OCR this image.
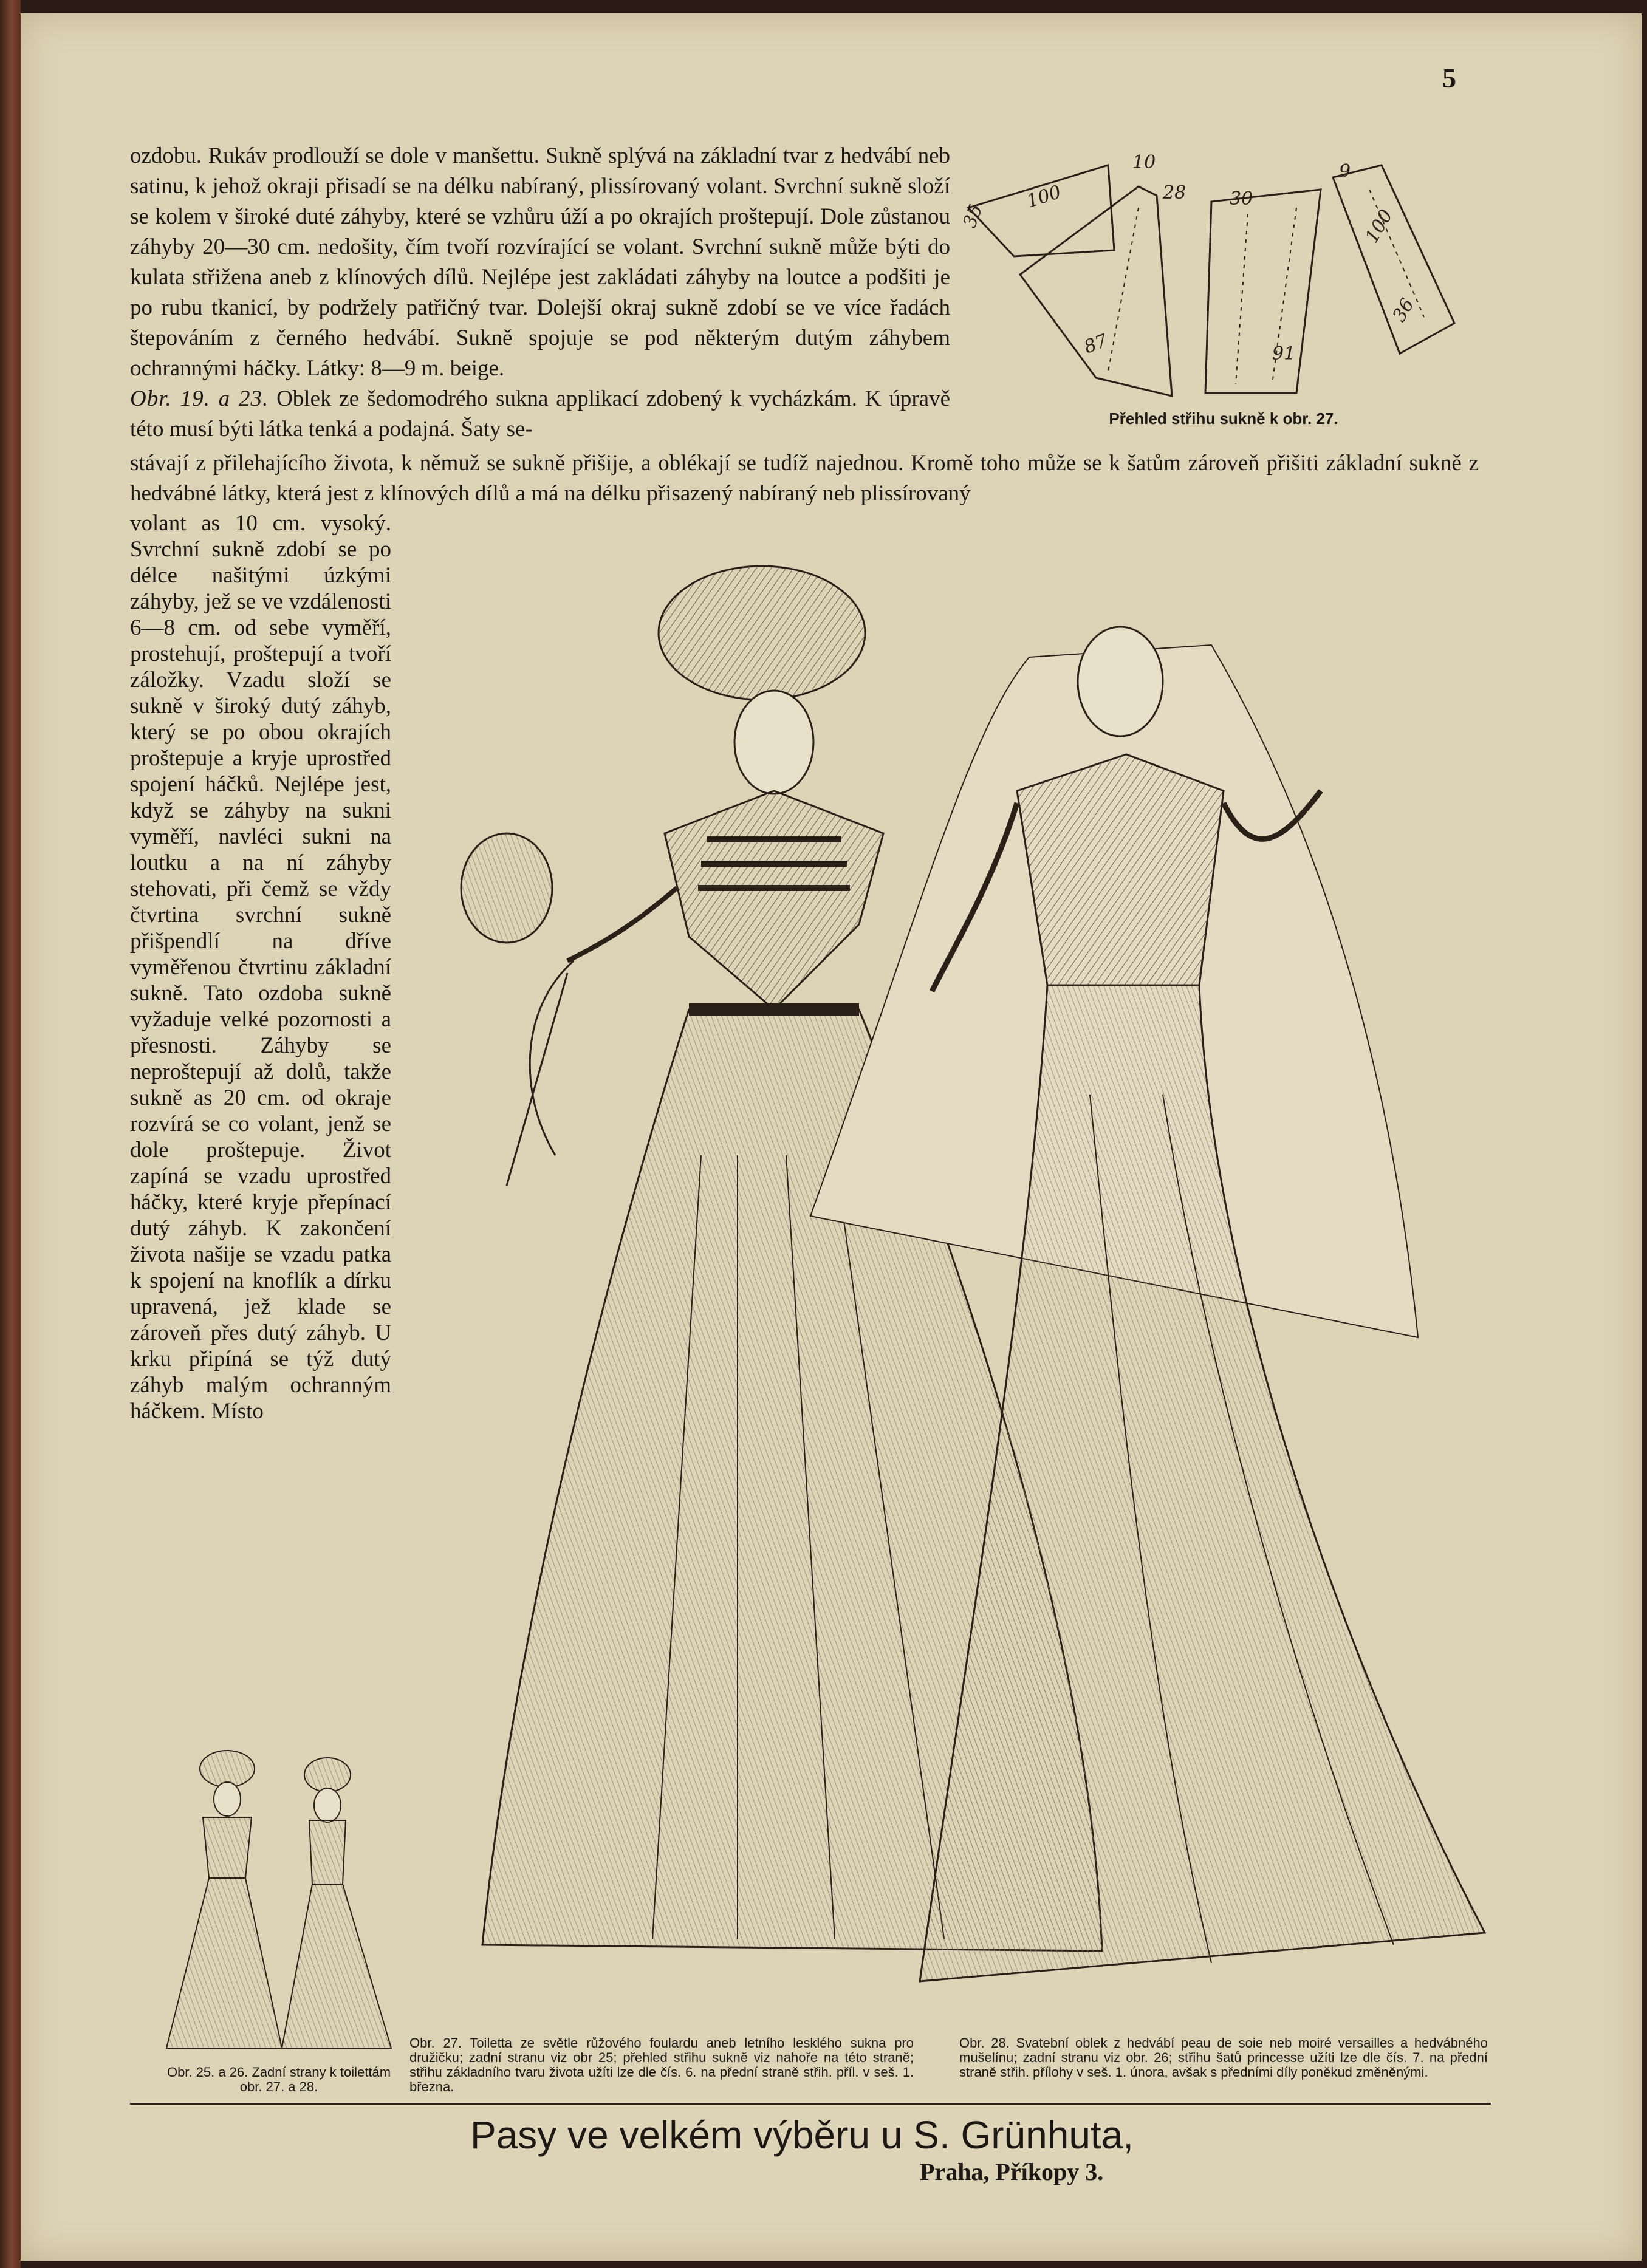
5

ozdobu. Rukáv prodlouží se dole v manšettu. Sukně splývá na základní tvar z hedvábí neb satinu, k jehož okraji přisadí se na délku nabíraný, plissírovaný volant. Svrchní sukně složí se kolem v široké duté záhyby, které se vzhůru úží a po okrajích proštepují. Dole zůstanou záhyby 20—30 cm. nedošity, čím tvoří rozvírající se volant. Svrchní sukně může býti do kulata střižena aneb z klínových dílů. Nejlépe jest zakládati záhyby na loutce a podšiti je po rubu tkanicí, by podržely patřičný tvar. Dolejší okraj sukně zdobí se ve více řadách štepováním z černého hedvábí. Sukně spojuje se pod některým dutým záhybem ochrannými háčky. Látky: 8—9 m. beige.

Obr. 19. a 23. Oblek ze šedomodrého sukna applikací zdobený k vycházkám. K úpravě této musí býti látka tenká a podajná. Šaty se-

35
100
10
28 30
9
100
36
87	91
Přehled střihu sukně k obr. 27.

stávají z přilehajícího života, k němuž se sukně přišije, a oblékají se tudíž najednou. Kromě toho může se k šatům zároveň přišiti základní sukně z hedvábné látky, která jest z klínových dílů a má na délku přisazený nabíraný neb plissírovaný

volant as 10 cm. vysoký. Svrchní sukně zdobí se po délce našitými úzkými záhyby, jež se ve vzdálenosti 6—8 cm. od sebe vyměří, prostehují, proštepují a tvoří záložky. Vzadu složí se sukně v široký dutý záhyb, který se po obou okrajích proštepuje a kryje uprostřed spojení háčků. Nejlépe jest, když se záhyby na sukni vyměří, navléci sukni na loutku a na ní záhyby stehovati, při čemž se vždy čtvrtina svrchní sukně přišpendlí na dříve vyměřenou čtvrtinu základní sukně. Tato ozdoba sukně vyžaduje velké pozornosti a přesnosti. Záhyby se neproštepují až dolů, takže sukně as 20 cm. od okraje rozvírá se co volant, jenž se dole proštepuje. Život zapíná se vzadu uprostřed háčky, které kryje přepínací dutý záhyb. K zakončení života našije se vzadu patka k spojení na knoflík a dírku upravená, jež klade se zároveň přes dutý záhyb. U krku připíná se týž dutý záhyb malým ochranným háčkem. Místo

Obr. 25. a 26. Zadní strany k toilettám obr. 27. a 28.
Obr. 27. Toiletta ze světle růžového foulardu aneb letního lesklého sukna pro družičku; zadní stranu viz obr 25; přehled střihu sukně viz nahoře na této straně; střihu základního tvaru života užíti lze dle čís. 6. na přední straně střih. příl. v seš. 1. března.
Obr. 28. Svatební oblek z hedvábí peau de soie neb moiré versailles a hedvábného mušelínu; zadní stranu viz obr. 26; střihu šatů princesse užíti lze dle čís. 7. na přední straně střih. přílohy v seš. 1. února, avšak s předními díly poněkud změněnými.
Pasy ve velkém výběru u S. Grünhuta,
Praha, Příkopy 3.
